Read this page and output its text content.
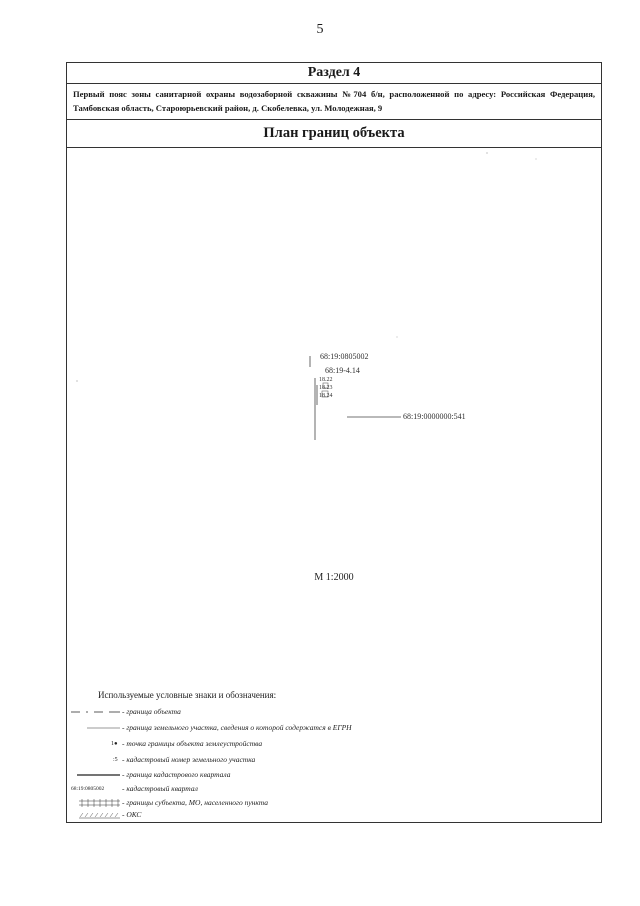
5
Раздел 4
Первый пояс зоны санитарной охраны водозаборной скважины №704 б/н, расположенной по адресу: Российская Федерация, Тамбовская область, Староюрьевский район, д. Скобелевка, ул. Молодежная, 9
План границ объекта
68:19:0805002
68:19-4.14
18.22
18.23
18.24
68:19:0000000:541
М 1:2000
Используемые условные знаки и обозначения:
- граница объекта
- граница земельного участка, сведения о которой содержатся в ЕГРН
1● - точка границы объекта землеустройства
:5 - кадастровый номер земельного участка
- граница кадастрового квартала
68:19:0805002 - кадастровый квартал
- границы субъекта, МО, населенного пункта
- ОКС
